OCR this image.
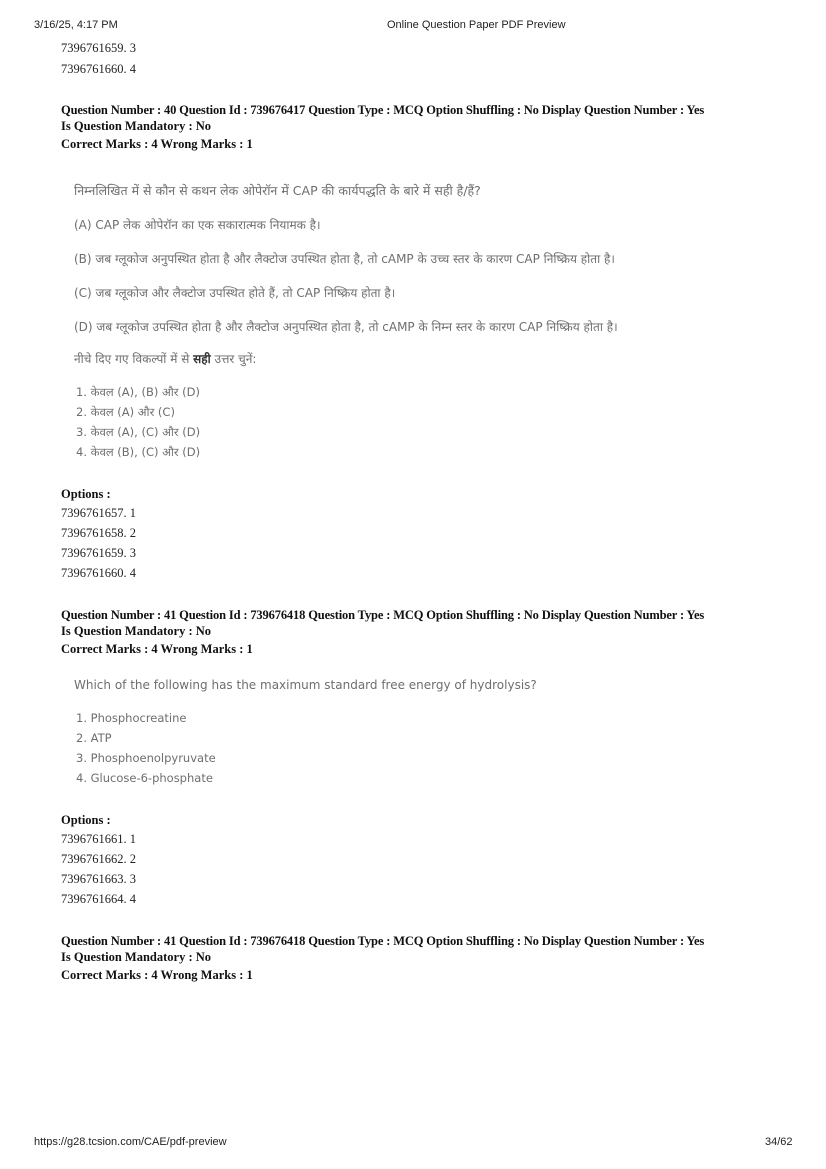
3/16/25, 4:17 PM	Online Question Paper PDF Preview
7396761659. 3
7396761660. 4
Question Number : 40 Question Id : 739676417 Question Type : MCQ Option Shuffling : No Display Question Number : Yes
Is Question Mandatory : No
Correct Marks : 4 Wrong Marks : 1
निम्नलिखित में से कौन से कथन लेक ओपेरॉन में CAP की कार्यपद्धति के बारे में सही है/हैं?
(A) CAP लेक ओपेरॉन का एक सकारात्मक नियामक है।
(B) जब ग्लूकोज अनुपस्थित होता है और लैक्टोज उपस्थित होता है, तो cAMP के उच्च स्तर के कारण CAP निष्क्रिय होता है।
(C) जब ग्लूकोज और लैक्टोज उपस्थित होते हैं, तो CAP निष्क्रिय होता है।
(D) जब ग्लूकोज उपस्थित होता है और लैक्टोज अनुपस्थित होता है, तो cAMP के निम्न स्तर के कारण CAP निष्क्रिय होता है।
नीचे दिए गए विकल्पों में से सही उत्तर चुनें:
1. केवल (A), (B) और (D)
2. केवल (A) और (C)
3. केवल (A), (C) और (D)
4. केवल (B), (C) और (D)
Options :
7396761657. 1
7396761658. 2
7396761659. 3
7396761660. 4
Question Number : 41 Question Id : 739676418 Question Type : MCQ Option Shuffling : No Display Question Number : Yes
Is Question Mandatory : No
Correct Marks : 4 Wrong Marks : 1
Which of the following has the maximum standard free energy of hydrolysis?
1. Phosphocreatine
2. ATP
3. Phosphoenolpyruvate
4. Glucose-6-phosphate
Options :
7396761661. 1
7396761662. 2
7396761663. 3
7396761664. 4
Question Number : 41 Question Id : 739676418 Question Type : MCQ Option Shuffling : No Display Question Number : Yes
Is Question Mandatory : No
Correct Marks : 4 Wrong Marks : 1
https://g28.tcsion.com/CAE/pdf-preview	34/62
